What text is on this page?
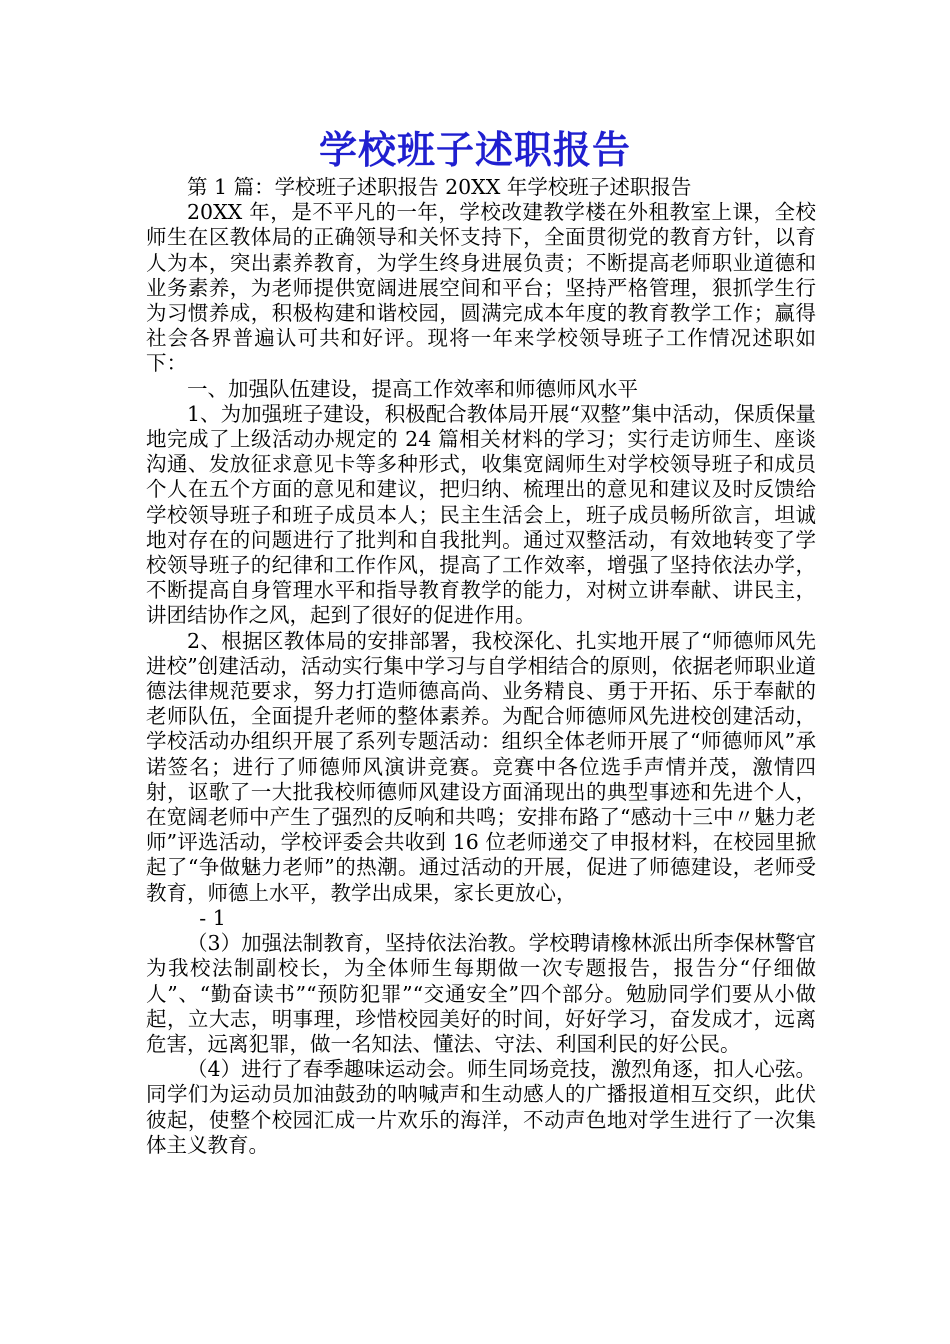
学校班子述职报告

第 1 篇：学校班子述职报告 20XX 年学校班子述职报告

20XX 年，是不平凡的一年，学校改建教学楼在外租教室上课，全校师生在区教体局的正确领导和关怀支持下，全面贯彻党的教育方针，以育人为本，突出素养教育，为学生终身进展负责；不断提高老师职业道德和业务素养，为老师提供宽阔进展空间和平台；坚持严格管理，狠抓学生行为习惯养成，积极构建和谐校园，圆满完成本年度的教育教学工作；赢得社会各界普遍认可共和好评。现将一年来学校领导班子工作情况述职如下：

一、加强队伍建设，提高工作效率和师德师风水平

1、为加强班子建设，积极配合教体局开展“双整”集中活动，保质保量地完成了上级活动办规定的 24 篇相关材料的学习；实行走访师生、座谈沟通、发放征求意见卡等多种形式，收集宽阔师生对学校领导班子和成员个人在五个方面的意见和建议，把归纳、梳理出的意见和建议及时反馈给学校领导班子和班子成员本人；民主生活会上，班子成员畅所欲言，坦诚地对存在的问题进行了批判和自我批判。通过双整活动，有效地转变了学校领导班子的纪律和工作作风，提高了工作效率，增强了坚持依法办学，不断提高自身管理水平和指导教育教学的能力，对树立讲奉献、讲民主，讲团结协作之风，起到了很好的促进作用。

2、根据区教体局的安排部署，我校深化、扎实地开展了“师德师风先进校”创建活动，活动实行集中学习与自学相结合的原则，依据老师职业道德法律规范要求，努力打造师德高尚、业务精良、勇于开拓、乐于奉献的老师队伍，全面提升老师的整体素养。为配合师德师风先进校创建活动，学校活动办组织开展了系列专题活动：组织全体老师开展了“师德师风”承诺签名；进行了师德师风演讲竞赛。竞赛中各位选手声情并茂，激情四射，讴歌了一大批我校师德师风建设方面涌现出的典型事迹和先进个人，在宽阔老师中产生了强烈的反响和共鸣；安排布路了“感动十三中〃魅力老师”评选活动，学校评委会共收到 16 位老师递交了申报材料，在校园里掀起了“争做魅力老师”的热潮。通过活动的开展，促进了师德建设，老师受教育，师德上水平，教学出成果，家长更放心，

- 1

（3）加强法制教育，坚持依法治教。学校聘请橡林派出所李保林警官为我校法制副校长，为全体师生每期做一次专题报告，报告分“仔细做人”、“勤奋读书”“预防犯罪”“交通安全”四个部分。勉励同学们要从小做起，立大志，明事理，珍惜校园美好的时间，好好学习，奋发成才，远离危害，远离犯罪，做一名知法、懂法、守法、利国利民的好公民。

（4）进行了春季趣味运动会。师生同场竞技，激烈角逐，扣人心弦。同学们为运动员加油鼓劲的呐喊声和生动感人的广播报道相互交织，此伏彼起，使整个校园汇成一片欢乐的海洋，不动声色地对学生进行了一次集体主义教育。
